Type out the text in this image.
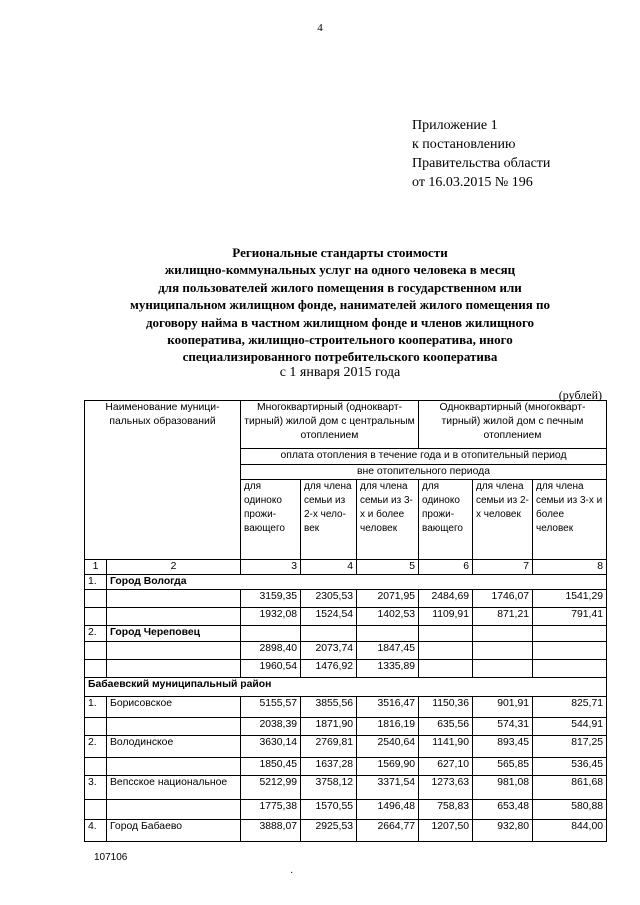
4
Приложение 1
к постановлению
Правительства области
от 16.03.2015 № 196
Региональные стандарты стоимости
жилищно-коммунальных услуг на одного человека в месяц
для пользователей жилого помещения в государственном или
муниципальном жилищном фонде, нанимателей жилого помещения по
договору найма в частном жилищном фонде и членов жилищного
кооператива, жилищно-строительного кооператива, иного
специализированного потребительского кооператива
с 1 января 2015 года
(рублей)
Наименование муници-пальных образований		Многоквартирный (однокварт-тирный) жилой дом с центральным отоплением			Одноквартирный (многокварт-тирный) жилой дом с печным отоплением		
		оплата отопления в течение года и в отопительный период					
		вне отопительного периода					
		для одиноко прожи-вающего	для члена семьи из 2-х чело-век	для члена семьи из 3-х и более человек	для одиноко прожи-вающего	для члена семьи из 2-х человек	для члена семьи из 3-х и более человек
1	2	3	4	5	6	7	8
1.	Город Вологда						
		3159,35	2305,53	2071,95	2484,69	1746,07	1541,29
		1932,08	1524,54	1402,53	1109,91	871,21	791,41
2.	Город Череповец						
		2898,40	2073,74	1847,45			
		1960,54	1476,92	1335,89			
Бабаевский муниципальный район							
1.	Борисовское	5155,57	3855,56	3516,47	1150,36	901,91	825,71
		2038,39	1871,90	1816,19	635,56	574,31	544,91
2.	Володинское	3630,14	2769,81	2540,64	1141,90	893,45	817,25
		1850,45	1637,28	1569,90	627,10	565,85	536,45
3.	Вепсское национальное	5212,99	3758,12	3371,54	1273,63	981,08	861,68
		1775,38	1570,55	1496,48	758,83	653,48	580,88
4.	Город Бабаево	3888,07	2925,53	2664,77	1207,50	932,80	844,00
107106
·
